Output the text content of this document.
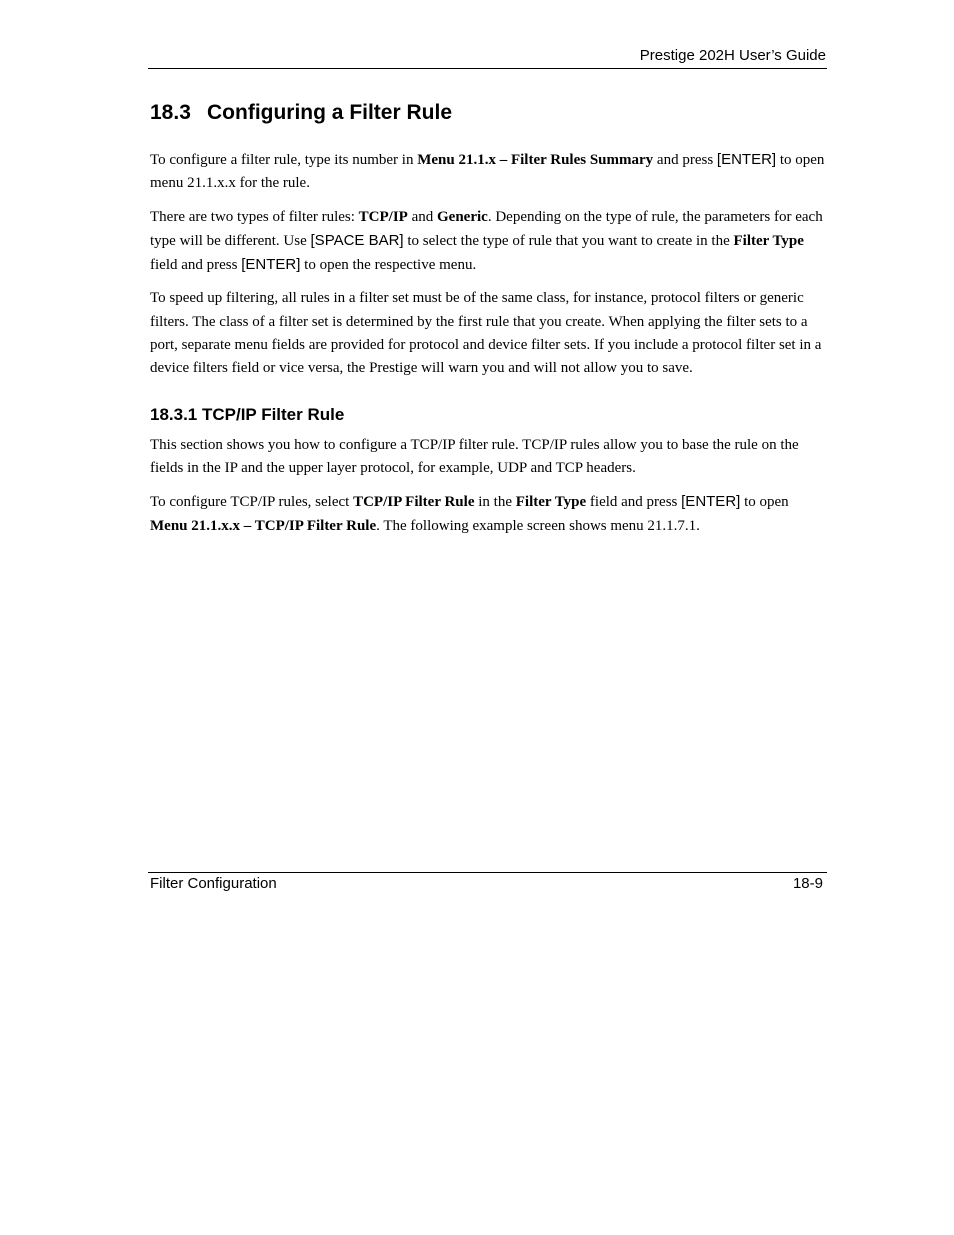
Prestige 202H User’s Guide
18.3 Configuring a Filter Rule

To configure a filter rule, type its number in Menu 21.1.x – Filter Rules Summary and press [ENTER] to open menu 21.1.x.x for the rule.

There are two types of filter rules: TCP/IP and Generic. Depending on the type of rule, the parameters for each type will be different. Use [SPACE BAR] to select the type of rule that you want to create in the Filter Type field and press [ENTER] to open the respective menu.

To speed up filtering, all rules in a filter set must be of the same class, for instance, protocol filters or generic filters. The class of a filter set is determined by the first rule that you create. When applying the filter sets to a port, separate menu fields are provided for protocol and device filter sets. If you include a protocol filter set in a device filters field or vice versa, the Prestige will warn you and will not allow you to save.

18.3.1 TCP/IP Filter Rule

This section shows you how to configure a TCP/IP filter rule. TCP/IP rules allow you to base the rule on the fields in the IP and the upper layer protocol, for example, UDP and TCP headers.

To configure TCP/IP rules, select TCP/IP Filter Rule in the Filter Type field and press [ENTER] to open Menu 21.1.x.x – TCP/IP Filter Rule. The following example screen shows menu 21.1.7.1.

Filter Configuration	18-9
